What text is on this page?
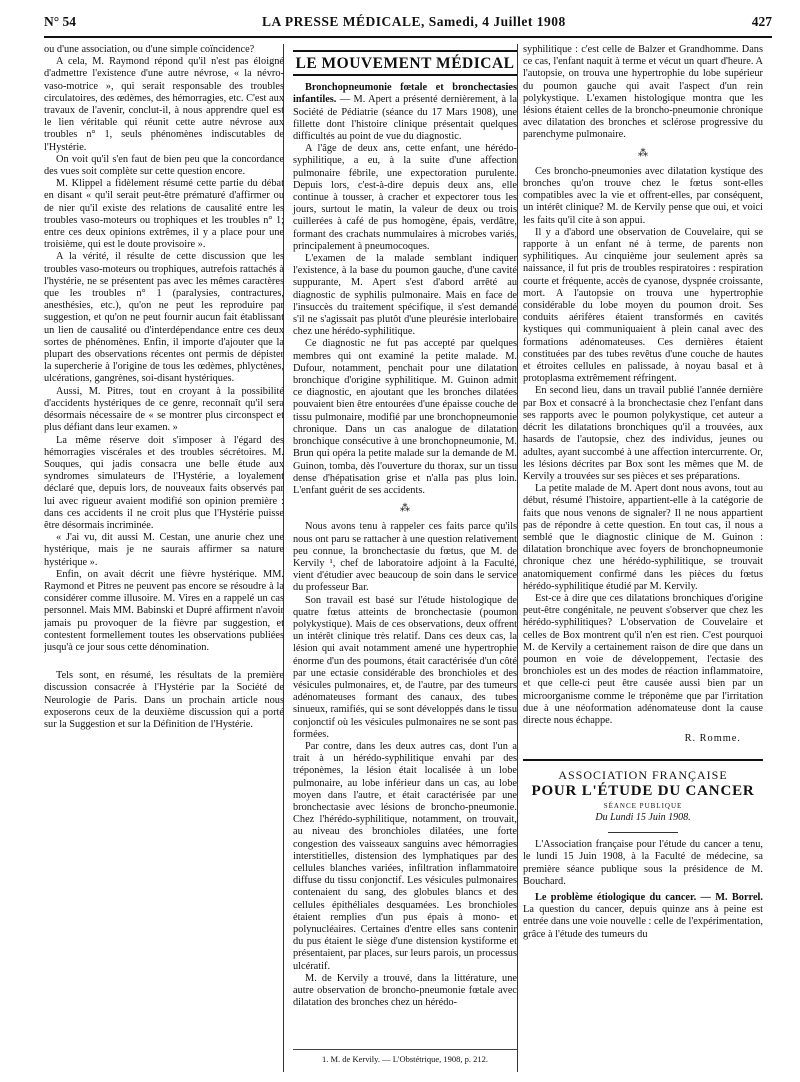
N° 54	LA PRESSE MÉDICALE, Samedi, 4 Juillet 1908	427

ou d'une association, ou d'une simple coïncidence?

A cela, M. Raymond répond qu'il n'est pas éloigné d'admettre l'existence d'une autre névrose, « la névro-vaso-motrice », qui serait responsable des troubles circulatoires, des œdèmes, des hémorragies, etc. C'est aux travaux de l'avenir, conclut-il, à nous apprendre quel est le lien véritable qui réunit cette autre névrose aux troubles n° 1, seuls phénomènes indiscutables de l'Hystérie.

On voit qu'il s'en faut de bien peu que la concordance des vues soit complète sur cette question encore.

M. Klippel a fidèlement résumé cette partie du débat en disant « qu'il serait peut-être prématuré d'affirmer ou de nier qu'il existe des relations de causalité entre les troubles vaso-moteurs ou trophiques et les troubles n° 1; entre ces deux opinions extrêmes, il y a place pour une troisième, qui est le doute provisoire ».

A la vérité, il résulte de cette discussion que les troubles vaso-moteurs ou trophiques, autrefois rattachés à l'hystérie, ne se présentent pas avec les mêmes caractères que les troubles n° 1 (paralysies, contractures, anesthésies, etc.), qu'on ne peut les reproduire par suggestion, et qu'on ne peut fournir aucun fait établissant un lien de causalité ou d'interdépendance entre ces deux sortes de phénomènes. Enfin, il importe d'ajouter que la plupart des observations récentes ont permis de dépister la supercherie à l'origine de tous les œdèmes, phlyctènes, ulcérations, gangrènes, soi-disant hystériques.

Aussi, M. Pitres, tout en croyant à la possibilité d'accidents hystériques de ce genre, reconnaît qu'il sera désormais nécessaire de « se montrer plus circonspect et plus défiant dans leur examen. »

La même réserve doit s'imposer à l'égard des hémorragies viscérales et des troubles sécrétoires. M. Souques, qui jadis consacra une belle étude aux syndromes simulateurs de l'Hystérie, a loyalement déclaré que, depuis lors, de nouveaux faits observés par lui avec rigueur avaient modifié son opinion première : dans ces accidents il ne croit plus que l'Hystérie puisse être désormais incriminée.

« J'ai vu, dit aussi M. Cestan, une anurie chez une hystérique, mais je ne saurais affirmer sa nature hystérique ».

Enfin, on avait décrit une fièvre hystérique. MM. Raymond et Pitres ne peuvent pas encore se résoudre à la considérer comme illusoire. M. Vires en a rappelé un cas personnel. Mais MM. Babinski et Dupré affirment n'avoir jamais pu provoquer de la fièvre par suggestion, et contestent formellement toutes les observations publiées jusqu'à ce jour sous cette dénomination.

Tels sont, en résumé, les résultats de la première discussion consacrée à l'Hystérie par la Société de Neurologie de Paris. Dans un prochain article nous exposerons ceux de la deuxième discussion qui a porté sur la Suggestion et sur la Définition de l'Hystérie.

LE MOUVEMENT MÉDICAL

Bronchopneumonie fœtale et bronchectasies infantiles. — M. Apert a présenté dernièrement, à la Société de Pédiatrie (séance du 17 Mars 1908), une fillette dont l'histoire clinique présentait quelques difficultés au point de vue du diagnostic.

A l'âge de deux ans, cette enfant, une hérédo-syphilitique, a eu, à la suite d'une affection pulmonaire fébrile, une expectoration purulente. Depuis lors, c'est-à-dire depuis deux ans, elle continue à tousser, à cracher et expectorer tous les jours, surtout le matin, la valeur de deux ou trois cuillerées à café de pus homogène, épais, verdâtre, formant des crachats nummulaires à microbes variés, principalement à pneumocoques.

L'examen de la malade semblant indiquer l'existence, à la base du poumon gauche, d'une cavité suppurante, M. Apert s'est d'abord arrêté au diagnostic de syphilis pulmonaire. Mais en face de l'insuccès du traitement spécifique, il s'est demandé s'il ne s'agissait pas plutôt d'une pleurésie interlobaire chez une hérédo-syphilitique.

Ce diagnostic ne fut pas accepté par quelques membres qui ont examiné la petite malade. M. Dufour, notamment, penchait pour une dilatation bronchique d'origine syphilitique. M. Guinon admit ce diagnostic, en ajoutant que les bronches dilatées pouvaient bien être entourées d'une épaisse couche de tissu pulmonaire, modifié par une bronchopneumonie chronique. Dans un cas analogue de dilatation bronchique consécutive à une bronchopneumonie, M. Brun qui opéra la petite malade sur la demande de M. Guinon, tomba, dès l'ouverture du thorax, sur un tissu dense d'hépatisation grise et n'alla pas plus loin. L'enfant guérit de ses accidents.

⁂

Nous avons tenu à rappeler ces faits parce qu'ils nous ont paru se rattacher à une question relativement peu connue, la bronchectasie du fœtus, que M. de Kervily ¹, chef de laboratoire adjoint à la Faculté, vient d'étudier avec beaucoup de soin dans le service du professeur Bar.

Son travail est basé sur l'étude histologique de quatre fœtus atteints de bronchectasie (poumon polykystique). Mais de ces observations, deux offrent un intérêt clinique très relatif. Dans ces deux cas, la lésion qui avait notamment amené une hypertrophie énorme d'un des poumons, était caractérisée d'un côté par une ectasie considérable des bronchioles et des vésicules pulmonaires, et, de l'autre, par des tumeurs adénomateuses formant des canaux, des tubes sinueux, ramifiés, qui se sont développés dans le tissu conjonctif où les vésicules pulmonaires ne se sont pas formées.

Par contre, dans les deux autres cas, dont l'un a trait à un hérédo-syphilitique envahi par des tréponèmes, la lésion était localisée à un lobe pulmonaire, au lobe inférieur dans un cas, au lobe moyen dans l'autre, et était caractérisée par une bronchectasie avec lésions de broncho-pneumonie. Chez l'hérédo-syphilitique, notamment, on trouvait, au niveau des bronchioles dilatées, une forte congestion des vaisseaux sanguins avec hémorragies interstitielles, distension des lymphatiques par des cellules blanches variées, infiltration inflammatoire diffuse du tissu conjonctif. Les vésicules pulmonaires contenaient du sang, des globules blancs et des cellules épithéliales desquamées. Les bronchioles étaient remplies d'un pus épais à mono- et polynucléaires. Certaines d'entre elles sans contenir du pus étaient le siège d'une distension kystiforme et présentaient, par places, sur leurs parois, un processus ulcératif.

M. de Kervily a trouvé, dans la littérature, une autre observation de broncho-pneumonie fœtale avec dilatation des bronches chez un hérédo-

1. M. de Kervily. — L'Obstétrique, 1908, p. 212.

syphilitique : c'est celle de Balzer et Grandhomme. Dans ce cas, l'enfant naquit à terme et vécut un quart d'heure. A l'autopsie, on trouva une hypertrophie du lobe supérieur du poumon gauche qui avait l'aspect d'un rein polykystique. L'examen histologique montra que les lésions étaient celles de la broncho-pneumonie chronique avec dilatation des bronches et sclérose progressive du parenchyme pulmonaire.

⁂

Ces broncho-pneumonies avec dilatation kystique des bronches qu'on trouve chez le fœtus sont-elles compatibles avec la vie et offrent-elles, par conséquent, un intérêt clinique? M. de Kervily pense que oui, et voici les faits qu'il cite à son appui.

Il y a d'abord une observation de Couvelaire, qui se rapporte à un enfant né à terme, de parents non syphilitiques. Au cinquième jour seulement après sa naissance, il fut pris de troubles respiratoires : respiration courte et fréquente, accès de cyanose, dyspnée croissante, mort. A l'autopsie on trouva une hypertrophie considérable du lobe moyen du poumon droit. Ses conduits aérifères étaient transformés en cavités kystiques qui communiquaient à plein canal avec des formations adénomateuses. Ces dernières étaient constituées par des tubes revêtus d'une couche de hautes et étroites cellules en palissade, à noyau basal et à protoplasma extrêmement réfringent.

En second lieu, dans un travail publié l'année dernière par Box et consacré à la bronchectasie chez l'enfant dans ses rapports avec le poumon polykystique, cet auteur a décrit les dilatations bronchiques qu'il a trouvées, aux hasards de l'autopsie, chez des individus, jeunes ou adultes, ayant succombé à une affection intercurrente. Or, les lésions décrites par Box sont les mêmes que M. de Kervily a trouvées sur ses pièces et ses préparations.

La petite malade de M. Apert dont nous avons, tout au début, résumé l'histoire, appartient-elle à la catégorie de faits que nous venons de signaler? Il ne nous appartient pas de répondre à cette question. En tout cas, il nous a semblé que le diagnostic clinique de M. Guinon : dilatation bronchique avec foyers de bronchopneumonie chronique chez une hérédo-syphilitique, se trouvait anatomiquement confirmé dans les pièces du fœtus hérédo-syphilitique étudié par M. Kervily.

Est-ce à dire que ces dilatations bronchiques d'origine peut-être congénitale, ne peuvent s'observer que chez les hérédo-syphilitiques? L'observation de Couvelaire et celles de Box montrent qu'il n'en est rien. C'est pourquoi M. de Kervily a certainement raison de dire que dans un poumon en voie de développement, l'ectasie des bronchioles est un des modes de réaction inflammatoire, et que celle-ci peut être causée aussi bien par un microorganisme comme le tréponème que par l'irritation due à une néoformation adénomateuse dont la cause directe nous échappe.

R. Romme.
ASSOCIATION FRANÇAISE
POUR L'ÉTUDE DU CANCER
SÉANCE PUBLIQUE
Du Lundi 15 Juin 1908.

L'Association française pour l'étude du cancer a tenu, le lundi 15 Juin 1908, à la Faculté de médecine, sa première séance publique sous la présidence de M. Bouchard.

Le problème étiologique du cancer. — M. Borrel. La question du cancer, depuis quinze ans à peine est entrée dans une voie nouvelle : celle de l'expérimentation, grâce à l'étude des tumeurs du
